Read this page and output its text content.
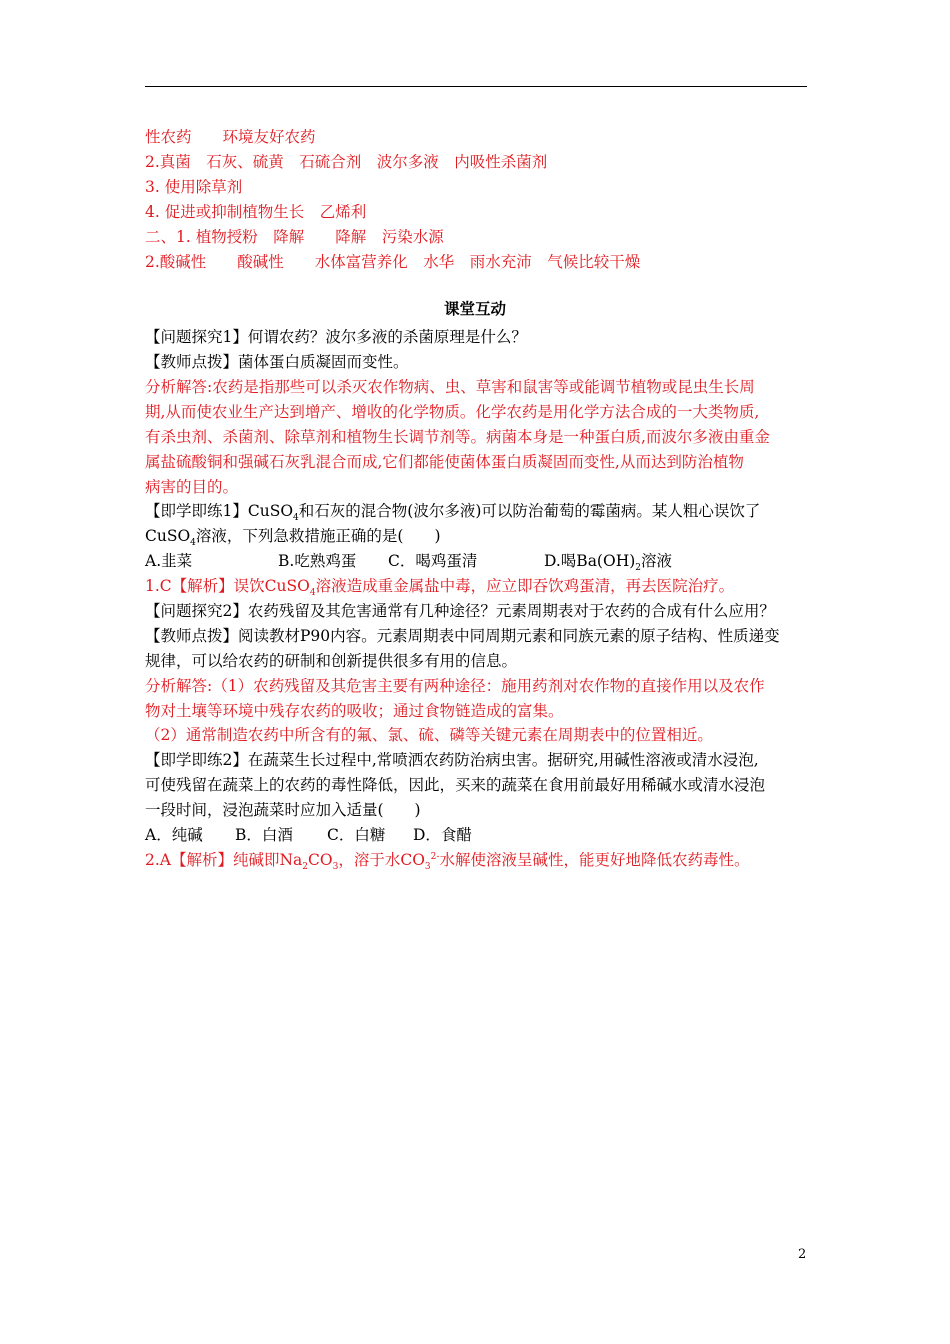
性农药　　环境友好农药
2.真菌　石灰、硫黄　石硫合剂　波尔多液　内吸性杀菌剂
3. 使用除草剂
4. 促进或抑制植物生长　乙烯利
二、1. 植物授粉　降解　　降解　污染水源
2.酸碱性　　酸碱性　　水体富营养化　水华　雨水充沛　气候比较干燥
课堂互动
【问题探究1】何谓农药？波尔多液的杀菌原理是什么？
【教师点拨】菌体蛋白质凝固而变性。
分析解答:农药是指那些可以杀灭农作物病、虫、草害和鼠害等或能调节植物或昆虫生长周
期,从而使农业生产达到增产、增收的化学物质。化学农药是用化学方法合成的一大类物质,
有杀虫剂、杀菌剂、除草剂和植物生长调节剂等。病菌本身是一种蛋白质,而波尔多液由重金
属盐硫酸铜和强碱石灰乳混合而成,它们都能使菌体蛋白质凝固而变性,从而达到防治植物
病害的目的。
【即学即练1】CuSO$_4$和石灰的混合物(波尔多液)可以防治葡萄的霉菌病。某人粗心误饮了
CuSO$_4$溶液，下列急救措施正确的是(　　)
A.韭菜	B.吃熟鸡蛋 C．喝鸡蛋清	D.喝$Ba(OH)_2$溶液
1.C【解析】误饮CuSO$_4$溶液造成重金属盐中毒，应立即吞饮鸡蛋清，再去医院治疗。
【问题探究2】农药残留及其危害通常有几种途径？元素周期表对于农药的合成有什么应用？
【教师点拨】阅读教材P90内容。元素周期表中同周期元素和同族元素的原子结构、性质递变
规律，可以给农药的研制和创新提供很多有用的信息。
分析解答:（1）农药残留及其危害主要有两种途径：施用药剂对农作物的直接作用以及农作
物对土壤等环境中残存农药的吸收；通过食物链造成的富集。
（2）通常制造农药中所含有的氟、氯、硫、磷等关键元素在周期表中的位置相近。
【即学即练2】在蔬菜生长过程中,常喷洒农药防治病虫害。据研究,用碱性溶液或清水浸泡,
可使残留在蔬菜上的农药的毒性降低，因此，买来的蔬菜在食用前最好用稀碱水或清水浸泡
一段时间，浸泡蔬菜时应加入适量(　　)
A．纯碱 B．白酒 C．白糖 D．食醋
2.A【解析】纯碱即$Na_2CO_3$，溶于水$CO_3^{2-}$水解使溶液呈碱性，能更好地降低农药毒性。
2
